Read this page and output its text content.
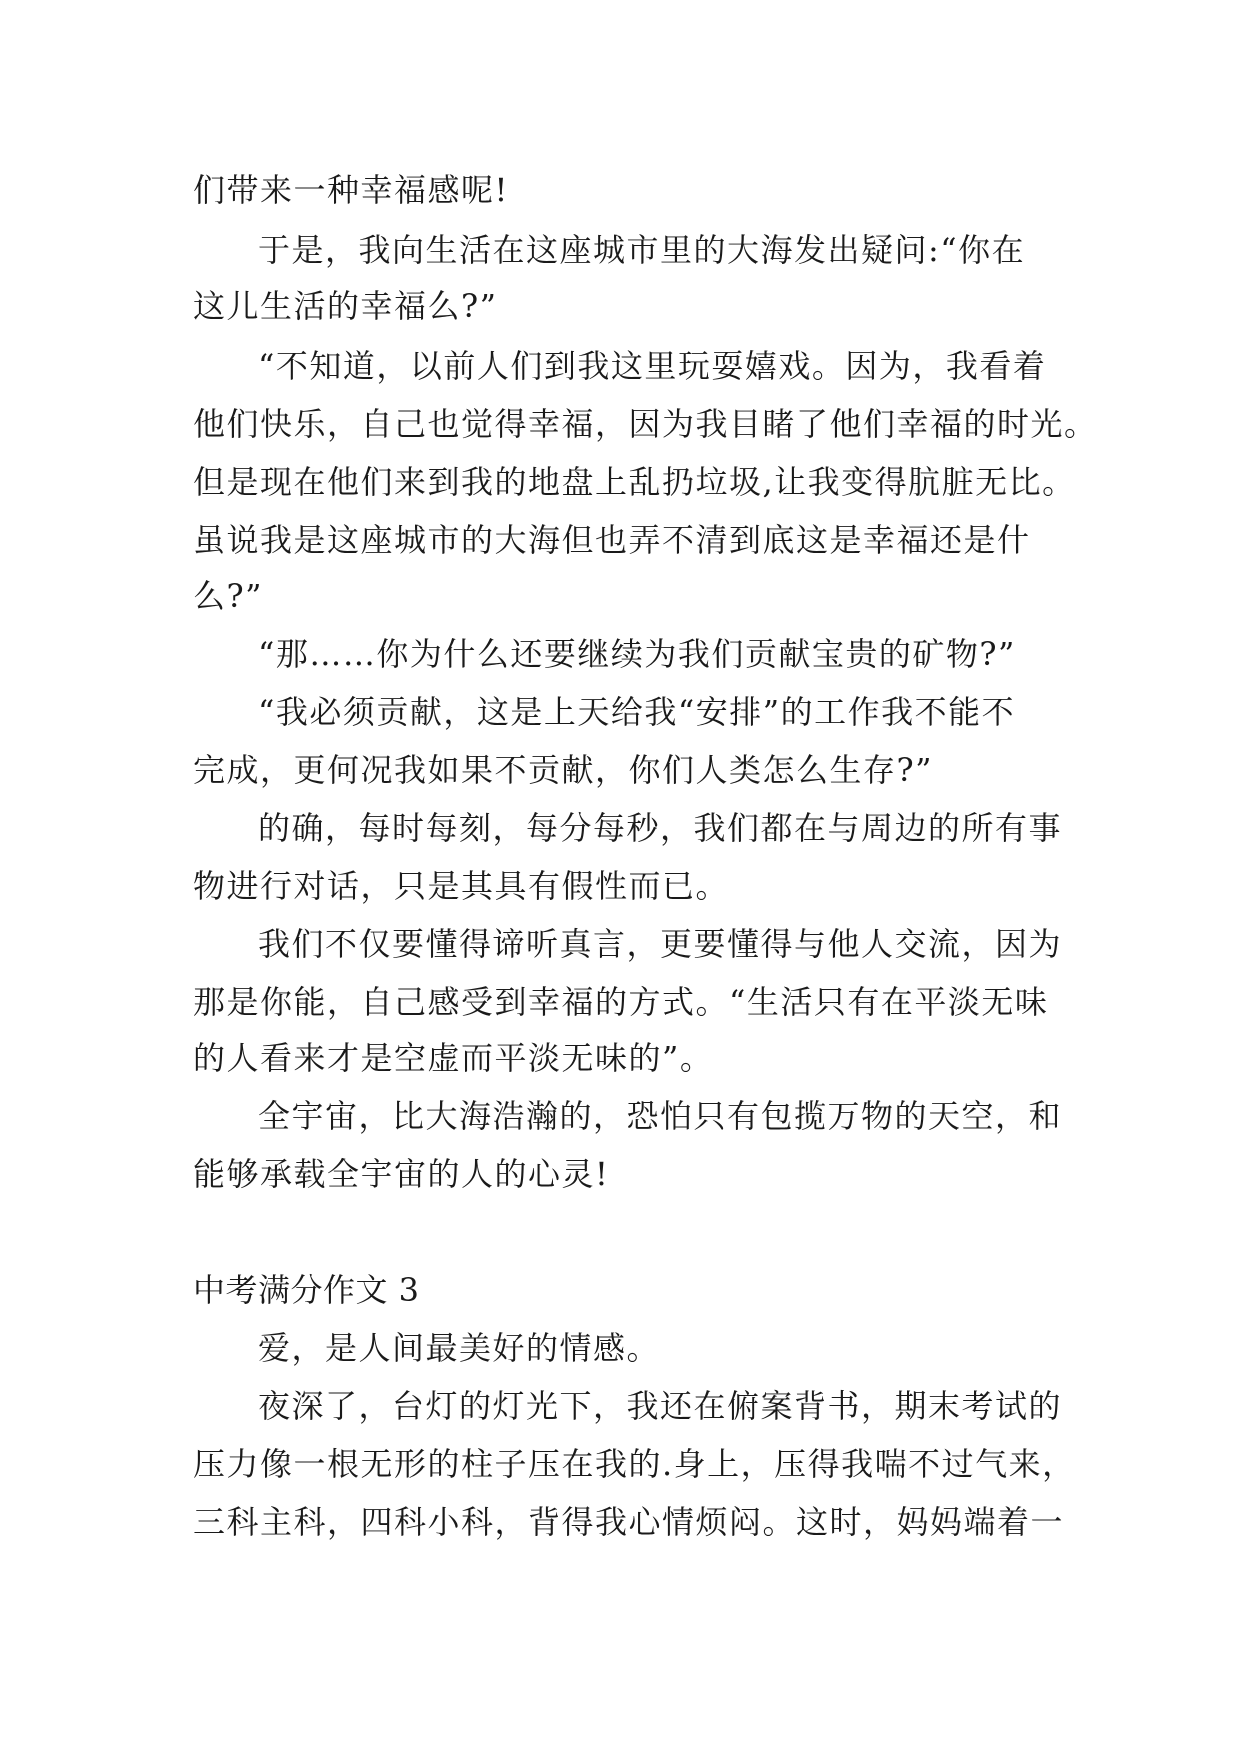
们带来一种幸福感呢!
于是，我向生活在这座城市里的大海发出疑问:“你在
这儿生活的幸福么?”
“不知道，以前人们到我这里玩耍嬉戏。因为，我看着
他们快乐，自己也觉得幸福，因为我目睹了他们幸福的时光。
但是现在他们来到我的地盘上乱扔垃圾,让我变得肮脏无比。
虽说我是这座城市的大海但也弄不清到底这是幸福还是什
么?”
“那……你为什么还要继续为我们贡献宝贵的矿物?”
“我必须贡献，这是上天给我“安排”的工作我不能不
完成，更何况我如果不贡献，你们人类怎么生存?”
的确，每时每刻，每分每秒，我们都在与周边的所有事
物进行对话，只是其具有假性而已。
我们不仅要懂得谛听真言，更要懂得与他人交流，因为
那是你能，自己感受到幸福的方式。“生活只有在平淡无味
的人看来才是空虚而平淡无味的”。
全宇宙，比大海浩瀚的，恐怕只有包揽万物的天空，和
能够承载全宇宙的人的心灵!
中考满分作文 3
爱，是人间最美好的情感。
夜深了，台灯的灯光下，我还在俯案背书，期末考试的
压力像一根无形的柱子压在我的.身上，压得我喘不过气来，
三科主科，四科小科，背得我心情烦闷。这时，妈妈端着一
